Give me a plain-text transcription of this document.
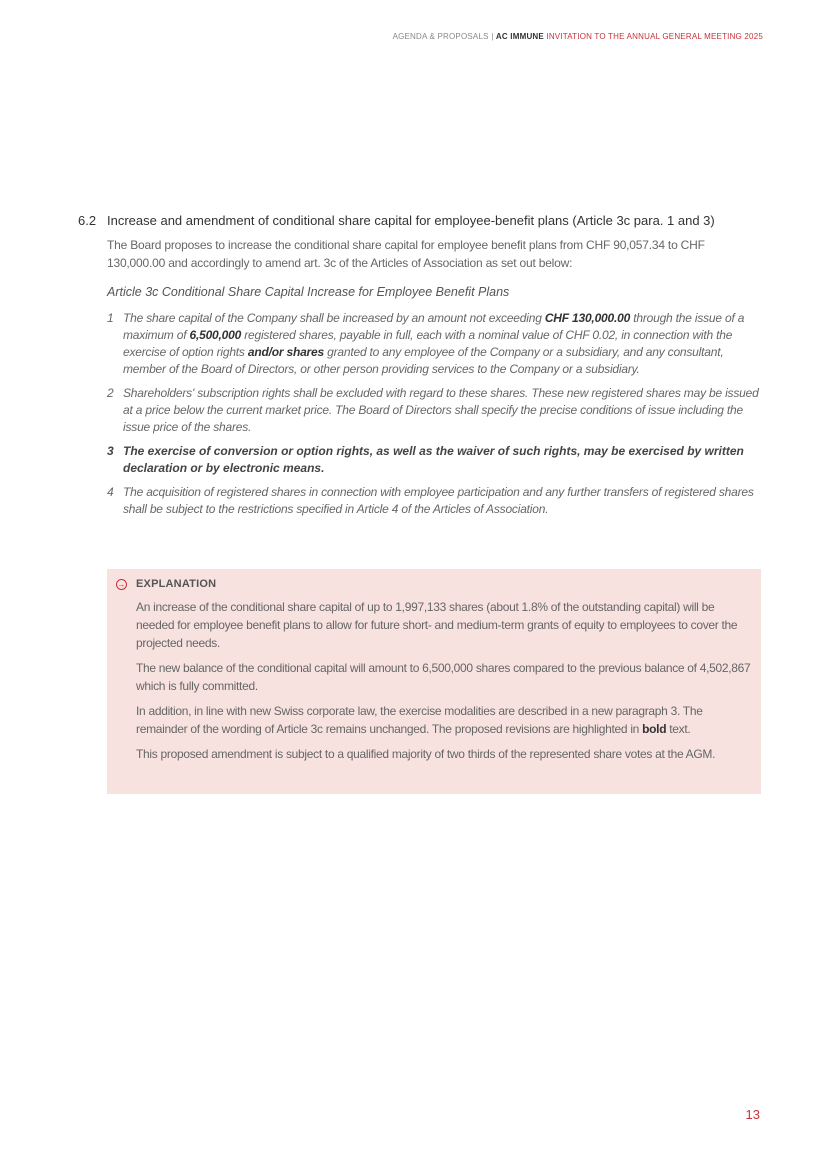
AGENDA & PROPOSALS | AC IMMUNE INVITATION TO THE ANNUAL GENERAL MEETING 2025
6.2 Increase and amendment of conditional share capital for employee-benefit plans (Article 3c para. 1 and 3)
The Board proposes to increase the conditional share capital for employee benefit plans from CHF 90,057.34 to CHF 130,000.00 and accordingly to amend art. 3c of the Articles of Association as set out below:
Article 3c Conditional Share Capital Increase for Employee Benefit Plans
1 The share capital of the Company shall be increased by an amount not exceeding CHF 130,000.00 through the issue of a maximum of 6,500,000 registered shares, payable in full, each with a nominal value of CHF 0.02, in connection with the exercise of option rights and/or shares granted to any employee of the Company or a subsidiary, and any consultant, member of the Board of Directors, or other person providing services to the Company or a subsidiary.
2 Shareholders' subscription rights shall be excluded with regard to these shares. These new registered shares may be issued at a price below the current market price. The Board of Directors shall specify the precise conditions of issue including the issue price of the shares.
3 The exercise of conversion or option rights, as well as the waiver of such rights, may be exercised by written declaration or by electronic means.
4 The acquisition of registered shares in connection with employee participation and any further transfers of registered shares shall be subject to the restrictions specified in Article 4 of the Articles of Association.
→ EXPLANATION

An increase of the conditional share capital of up to 1,997,133 shares (about 1.8% of the outstanding capital) will be needed for employee benefit plans to allow for future short- and medium-term grants of equity to employees to cover the projected needs.

The new balance of the conditional capital will amount to 6,500,000 shares compared to the previous balance of 4,502,867 which is fully committed.

In addition, in line with new Swiss corporate law, the exercise modalities are described in a new paragraph 3. The remainder of the wording of Article 3c remains unchanged. The proposed revisions are highlighted in bold text.

This proposed amendment is subject to a qualified majority of two thirds of the represented share votes at the AGM.

13
